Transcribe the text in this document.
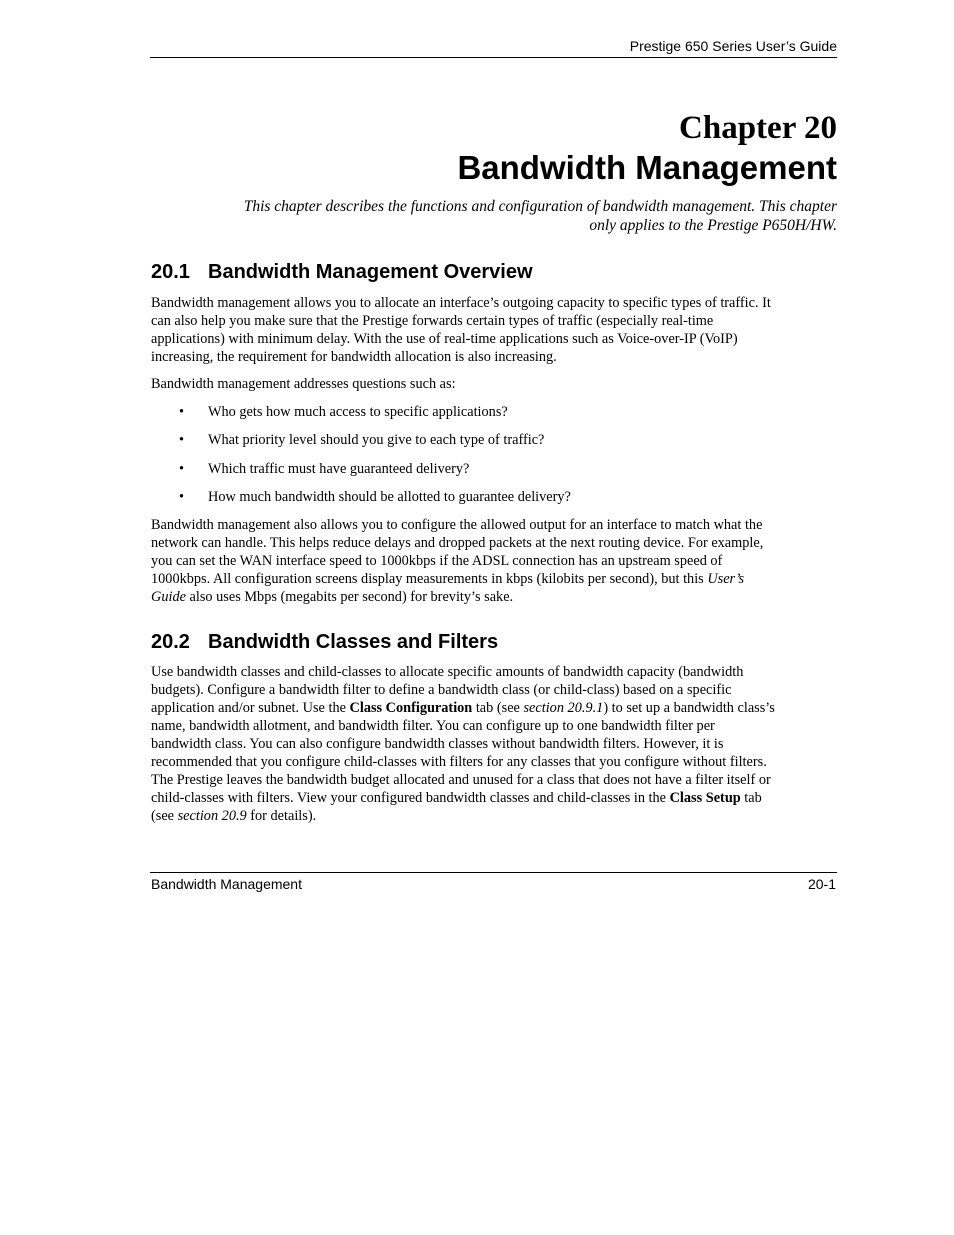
Prestige 650 Series User’s Guide
Chapter 20
Bandwidth Management
This chapter describes the functions and configuration of bandwidth management. This chapter
only applies to the Prestige P650H/HW.
20.1 Bandwidth Management Overview
Bandwidth management allows you to allocate an interface’s outgoing capacity to specific types of traffic. It
can also help you make sure that the Prestige forwards certain types of traffic (especially real-time
applications) with minimum delay. With the use of real-time applications such as Voice-over-IP (VoIP)
increasing, the requirement for bandwidth allocation is also increasing.
Bandwidth management addresses questions such as:
• Who gets how much access to specific applications?
• What priority level should you give to each type of traffic?
• Which traffic must have guaranteed delivery?
• How much bandwidth should be allotted to guarantee delivery?
Bandwidth management also allows you to configure the allowed output for an interface to match what the
network can handle. This helps reduce delays and dropped packets at the next routing device. For example,
you can set the WAN interface speed to 1000kbps if the ADSL connection has an upstream speed of
1000kbps. All configuration screens display measurements in kbps (kilobits per second), but this User’s
Guide also uses Mbps (megabits per second) for brevity’s sake.
20.2 Bandwidth Classes and Filters
Use bandwidth classes and child-classes to allocate specific amounts of bandwidth capacity (bandwidth
budgets). Configure a bandwidth filter to define a bandwidth class (or child-class) based on a specific
application and/or subnet. Use the Class Configuration tab (see section 20.9.1) to set up a bandwidth class’s
name, bandwidth allotment, and bandwidth filter. You can configure up to one bandwidth filter per
bandwidth class. You can also configure bandwidth classes without bandwidth filters. However, it is
recommended that you configure child-classes with filters for any classes that you configure without filters.
The Prestige leaves the bandwidth budget allocated and unused for a class that does not have a filter itself or
child-classes with filters. View your configured bandwidth classes and child-classes in the Class Setup tab
(see section 20.9 for details).
Bandwidth Management	20-1
